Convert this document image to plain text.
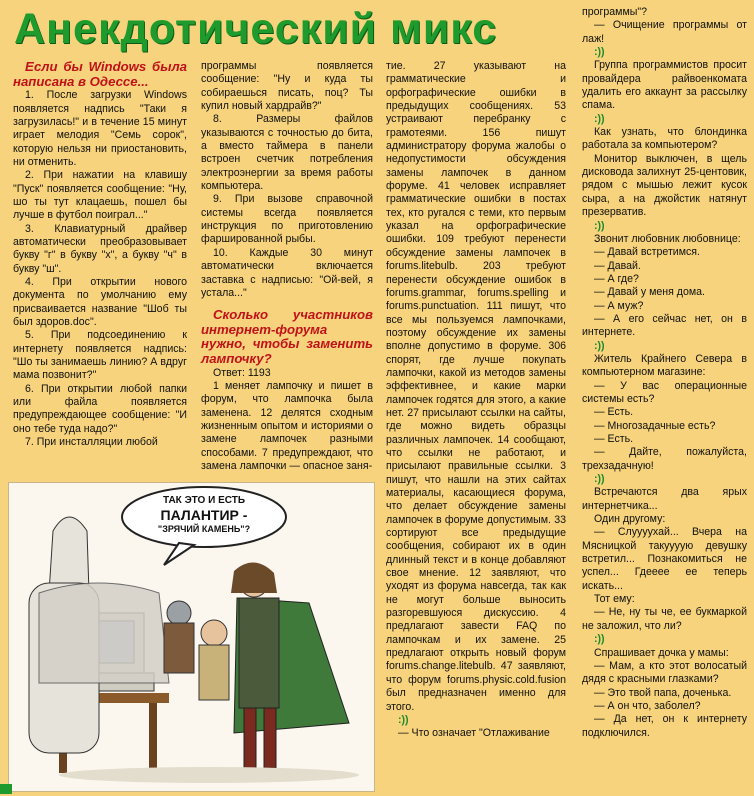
Анекдотический микс

Если бы Windows была написана в Одессе...

1. После загрузки Windows появляется надпись "Таки я загрузилась!" и в течение 15 минут играет мелодия "Семь сорок", которую нельзя ни приостановить, ни отменить.

2. При нажатии на клавишу "Пуск" появляется сообщение: "Ну, шо ты тут клацаешь, пошел бы лучше в футбол поиграл..."

3. Клавиатурный драйвер автоматически преобразовывает букву "г" в букву "х", а букву "ч" в букву "ш".

4. При открытии нового документа по умолчанию ему присваивается название "Шоб ты был здоров.doc".

5. При подсоединению к интернету появляется надпись: "Шо ты занимаешь линию? А вдруг мама позвонит?"

6. При открытии любой папки или файла появляется предупреждающее сообщение: "И оно тебе туда надо?"

7. При инсталляции любой

программы появляется сообщение: "Ну и куда ты собираешься писать, поц? Ты купил новый хардрайв?"

8. Размеры файлов указываются с точностью до бита, а вместо таймера в панели встроен счетчик потребления электроэнергии за время работы компьютера.

9. При вызове справочной системы всегда появляется инструкция по приготовлению фаршированной рыбы.

10. Каждые 30 минут автоматически включается заставка с надписью: "Ой-вей, я устала..."

Сколько участников интернет-форума нужно, чтобы заменить лампочку?

Ответ: 1193

1 меняет лампочку и пишет в форум, что лампочка была заменена. 12 делятся сходным жизненным опытом и историями о замене лампочек разными способами. 7 предупреждают, что замена лампочки — опасное заня-

тие. 27 указывают на грамматические и орфографические ошибки в предыдущих сообщениях. 53 устраивают перебранку с грамотеями. 156 пишут администратору форума жалобы о недопустимости обсуждения замены лампочек в данном форуме. 41 человек исправляет грамматические ошибки в постах тех, кто ругался с теми, кто первым указал на орфографические ошибки. 109 требуют перенести обсуждение замены лампочек в forums.litebulb. 203 требуют перенести обсуждение ошибок в forums.grammar, forums.spelling и forums.punctuation. 111 пишут, что все мы пользуемся лампочками, поэтому обсуждение их замены вполне допустимо в форуме. 306 спорят, где лучше покупать лампочки, какой из методов замены эффективнее, и какие марки лампочек годятся для этого, а какие нет. 27 присылают ссылки на сайты, где можно видеть образцы различных лампочек. 14 сообщают, что ссылки не работают, и присылают правильные ссылки. 3 пишут, что нашли на этих сайтах материалы, касающиеся форума, что делает обсуждение замены лампочек в форуме допустимым. 33 сортируют все предыдущие сообщения, собирают их в один длинный текст и в конце добавляют свое мнение. 12 заявляют, что уходят из форума навсегда, так как не могут больше выносить разгоревшуюся дискуссию. 4 предлагают завести FAQ по лампочкам и их замене. 25 предлагают открыть новый форум forums.change.litebulb. 47 заявляют, что форум forums.physic.cold.fusion был предназначен именно для этого.

:))

— Что означает "Отлаживание

программы"?

— Очищение программы от лаж!

:))

Группа программистов просит провайдера райвоенкомата удалить его аккаунт за рассылку спама.

:))

Как узнать, что блондинка работала за компьютером?

Монитор выключен, в щель дисковода залихнут 25-центовик, рядом с мышью лежит кусок сыра, а на джойстик натянут презерватив.

:))

Звонит любовник любовнице:

— Давай встретимся.

— Давай.

— А где?

— Давай у меня дома.

— А муж?

— А его сейчас нет, он в интернете.

:))

Житель Крайнего Севера в компьютерном магазине:

— У вас операционные системы есть?

— Есть.

— Многозадачные есть?

— Есть.

— Дайте, пожалуйста, трехзадачную!

:))

Встречаются два ярых интернетчика...

Один другому:

— Слуууухай... Вчера на Мясницкой такуууую девушку встретил... Познакомиться не успел... Гдееее ее теперь искать...

Тот ему:

— Не, ну ты че, ее букмаркой не заложил, что ли?

:))

Спрашивает дочка у мамы:

— Мам, а кто этот волосатый дядя с красными глазками?

— Это твой папа, доченька.

— А он что, заболел?

— Да нет, он к интернету подключился.

ТАК ЭТО И ЕСТЬ
ПАЛАНТИР -
"ЗРЯЧИЙ КАМЕНЬ"?
